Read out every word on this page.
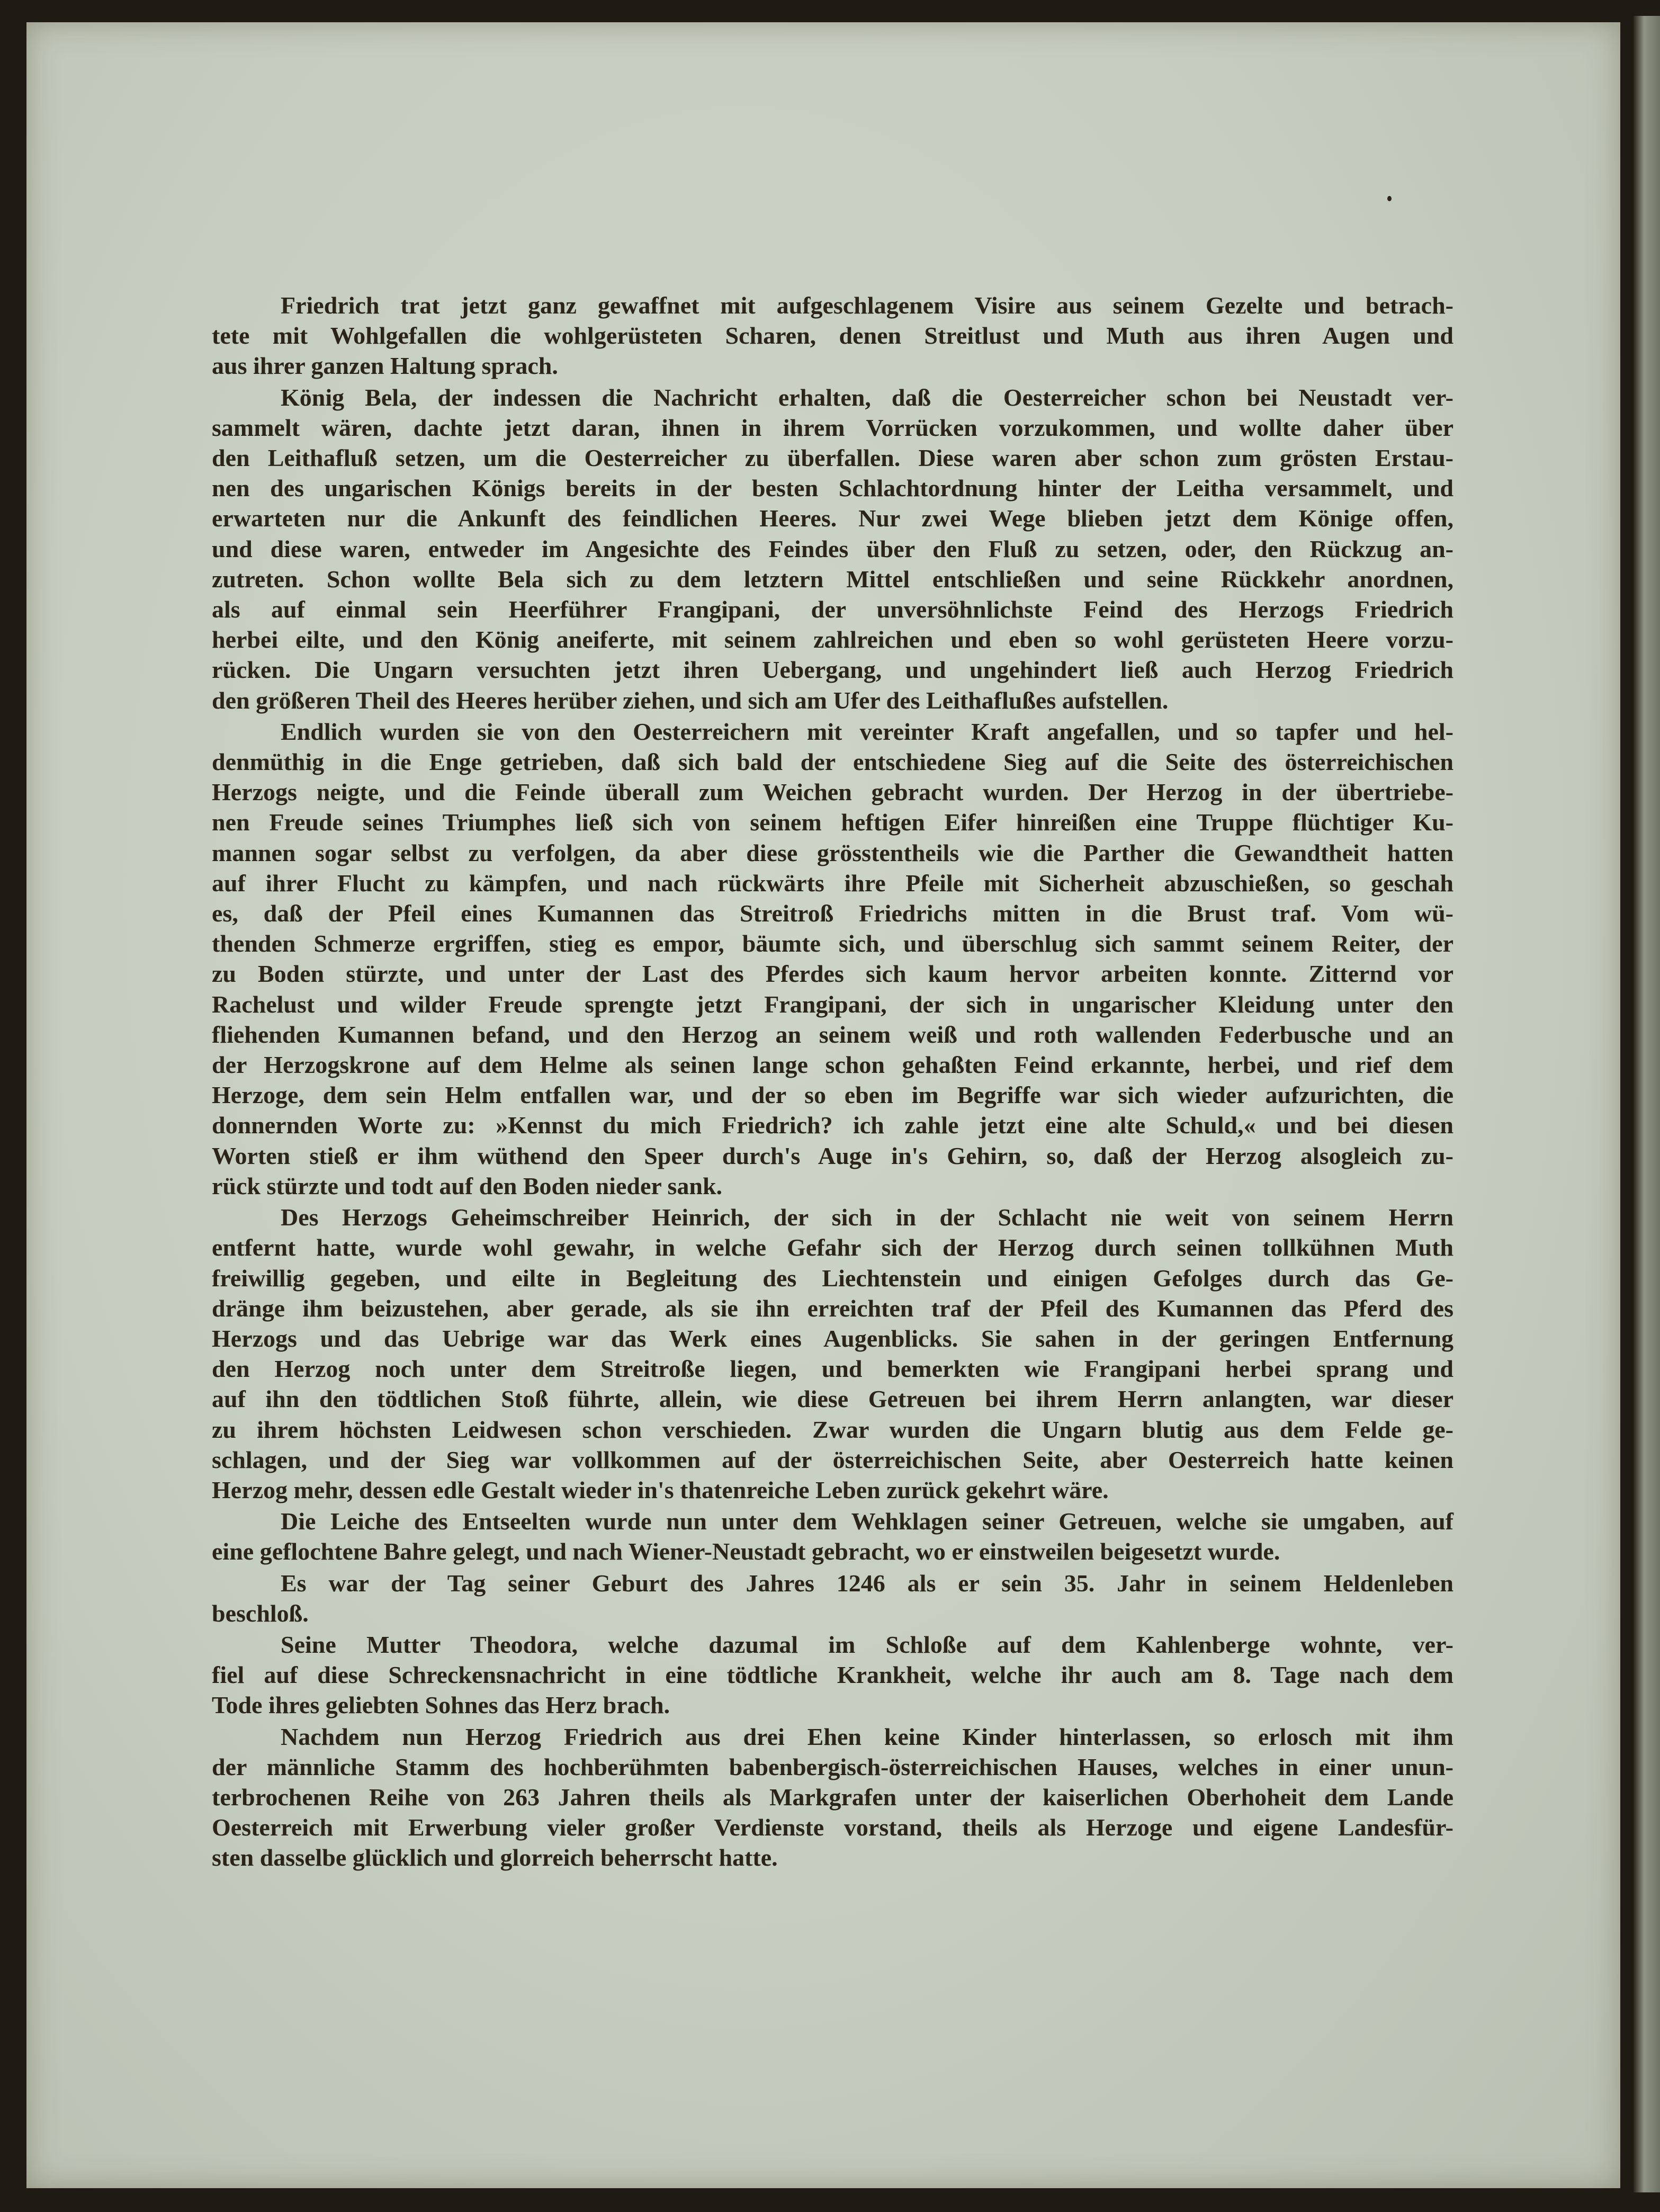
Friedrich trat jetzt ganz gewaffnet mit aufgeschlagenem Visire aus seinem Gezelte und betrach-
tete mit Wohlgefallen die wohlgerüsteten Scharen, denen Streitlust und Muth aus ihren Augen und
aus ihrer ganzen Haltung sprach.
König Bela, der indessen die Nachricht erhalten, daß die Oesterreicher schon bei Neustadt ver-
sammelt wären, dachte jetzt daran, ihnen in ihrem Vorrücken vorzukommen, und wollte daher über
den Leithafluß setzen, um die Oesterreicher zu überfallen. Diese waren aber schon zum grösten Erstau-
nen des ungarischen Königs bereits in der besten Schlachtordnung hinter der Leitha versammelt, und
erwarteten nur die Ankunft des feindlichen Heeres. Nur zwei Wege blieben jetzt dem Könige offen,
und diese waren, entweder im Angesichte des Feindes über den Fluß zu setzen, oder, den Rückzug an-
zutreten. Schon wollte Bela sich zu dem letztern Mittel entschließen und seine Rückkehr anordnen,
als auf einmal sein Heerführer Frangipani, der unversöhnlichste Feind des Herzogs Friedrich
herbei eilte, und den König aneiferte, mit seinem zahlreichen und eben so wohl gerüsteten Heere vorzu-
rücken. Die Ungarn versuchten jetzt ihren Uebergang, und ungehindert ließ auch Herzog Friedrich
den größeren Theil des Heeres herüber ziehen, und sich am Ufer des Leithaflußes aufstellen.
Endlich wurden sie von den Oesterreichern mit vereinter Kraft angefallen, und so tapfer und hel-
denmüthig in die Enge getrieben, daß sich bald der entschiedene Sieg auf die Seite des österreichischen
Herzogs neigte, und die Feinde überall zum Weichen gebracht wurden. Der Herzog in der übertriebe-
nen Freude seines Triumphes ließ sich von seinem heftigen Eifer hinreißen eine Truppe flüchtiger Ku-
mannen sogar selbst zu verfolgen, da aber diese grösstentheils wie die Parther die Gewandtheit hatten
auf ihrer Flucht zu kämpfen, und nach rückwärts ihre Pfeile mit Sicherheit abzuschießen, so geschah
es, daß der Pfeil eines Kumannen das Streitroß Friedrichs mitten in die Brust traf. Vom wü-
thenden Schmerze ergriffen, stieg es empor, bäumte sich, und überschlug sich sammt seinem Reiter, der
zu Boden stürzte, und unter der Last des Pferdes sich kaum hervor arbeiten konnte. Zitternd vor
Rachelust und wilder Freude sprengte jetzt Frangipani, der sich in ungarischer Kleidung unter den
fliehenden Kumannen befand, und den Herzog an seinem weiß und roth wallenden Federbusche und an
der Herzogskrone auf dem Helme als seinen lange schon gehaßten Feind erkannte, herbei, und rief dem
Herzoge, dem sein Helm entfallen war, und der so eben im Begriffe war sich wieder aufzurichten, die
donnernden Worte zu: »Kennst du mich Friedrich? ich zahle jetzt eine alte Schuld,« und bei diesen
Worten stieß er ihm wüthend den Speer durch's Auge in's Gehirn, so, daß der Herzog alsogleich zu-
rück stürzte und todt auf den Boden nieder sank.
Des Herzogs Geheimschreiber Heinrich, der sich in der Schlacht nie weit von seinem Herrn
entfernt hatte, wurde wohl gewahr, in welche Gefahr sich der Herzog durch seinen tollkühnen Muth
freiwillig gegeben, und eilte in Begleitung des Liechtenstein und einigen Gefolges durch das Ge-
dränge ihm beizustehen, aber gerade, als sie ihn erreichten traf der Pfeil des Kumannen das Pferd des
Herzogs und das Uebrige war das Werk eines Augenblicks. Sie sahen in der geringen Entfernung
den Herzog noch unter dem Streitroße liegen, und bemerkten wie Frangipani herbei sprang und
auf ihn den tödtlichen Stoß führte, allein, wie diese Getreuen bei ihrem Herrn anlangten, war dieser
zu ihrem höchsten Leidwesen schon verschieden. Zwar wurden die Ungarn blutig aus dem Felde ge-
schlagen, und der Sieg war vollkommen auf der österreichischen Seite, aber Oesterreich hatte keinen
Herzog mehr, dessen edle Gestalt wieder in's thatenreiche Leben zurück gekehrt wäre.
Die Leiche des Entseelten wurde nun unter dem Wehklagen seiner Getreuen, welche sie umgaben, auf
eine geflochtene Bahre gelegt, und nach Wiener-Neustadt gebracht, wo er einstweilen beigesetzt wurde.
Es war der Tag seiner Geburt des Jahres 1246 als er sein 35. Jahr in seinem Heldenleben
beschloß.
Seine Mutter Theodora, welche dazumal im Schloße auf dem Kahlenberge wohnte, ver-
fiel auf diese Schreckensnachricht in eine tödtliche Krankheit, welche ihr auch am 8. Tage nach dem
Tode ihres geliebten Sohnes das Herz brach.
Nachdem nun Herzog Friedrich aus drei Ehen keine Kinder hinterlassen, so erlosch mit ihm
der männliche Stamm des hochberühmten babenbergisch-österreichischen Hauses, welches in einer unun-
terbrochenen Reihe von 263 Jahren theils als Markgrafen unter der kaiserlichen Oberhoheit dem Lande
Oesterreich mit Erwerbung vieler großer Verdienste vorstand, theils als Herzoge und eigene Landesfür-
sten dasselbe glücklich und glorreich beherrscht hatte.
